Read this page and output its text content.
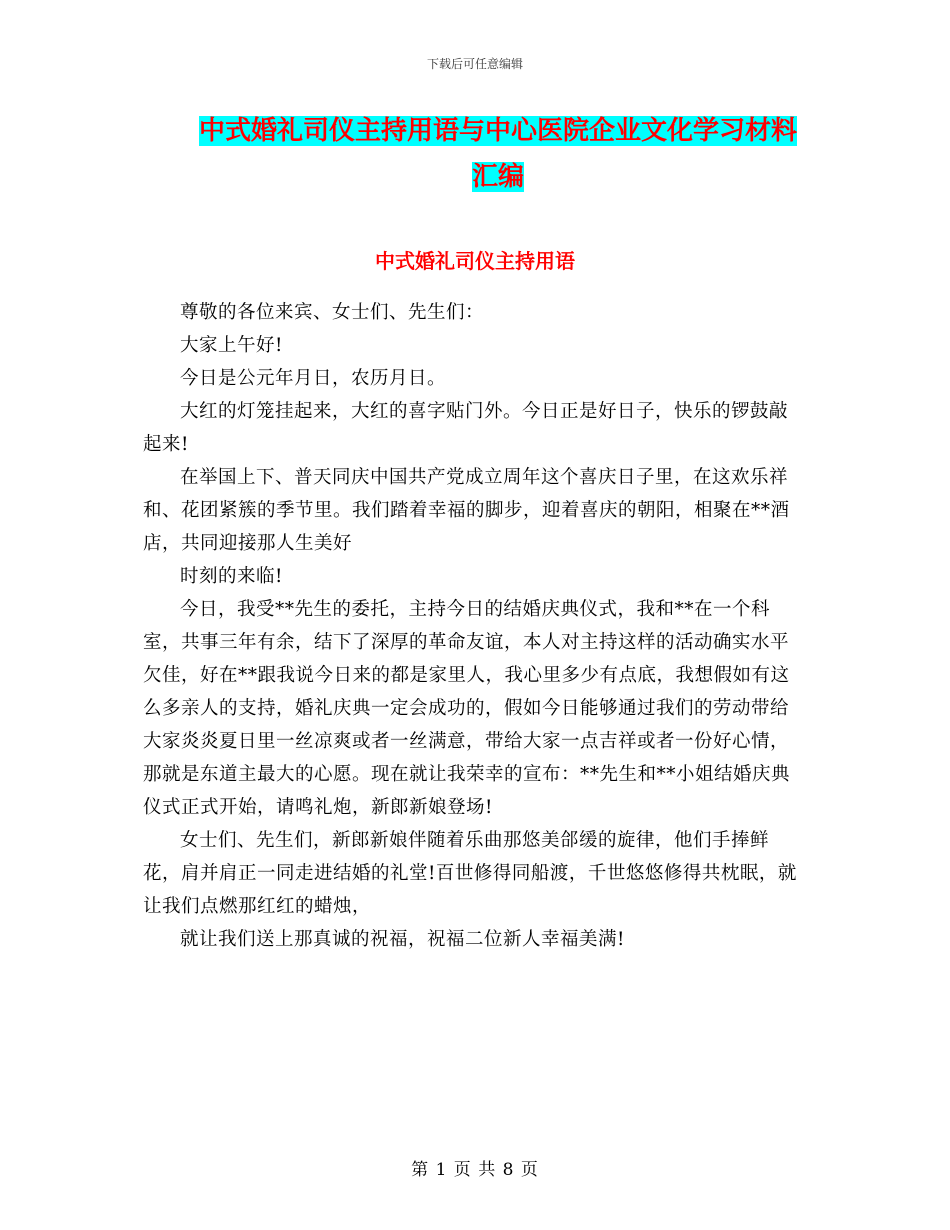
下载后可任意编辑
中式婚礼司仪主持用语与中心医院企业文化学习材料
汇编
中式婚礼司仪主持用语

尊敬的各位来宾、女士们、先生们：

大家上午好!

今日是公元年月日，农历月日。

大红的灯笼挂起来，大红的喜字贴门外。今日正是好日子，快乐的锣鼓敲起来!

在举国上下、普天同庆中国共产党成立周年这个喜庆日子里，在这欢乐祥和、花团紧簇的季节里。我们踏着幸福的脚步，迎着喜庆的朝阳，相聚在**酒店，共同迎接那人生美好

时刻的来临!

今日，我受**先生的委托，主持今日的结婚庆典仪式，我和**在一个科室，共事三年有余，结下了深厚的革命友谊，本人对主持这样的活动确实水平欠佳，好在**跟我说今日来的都是家里人，我心里多少有点底，我想假如有这么多亲人的支持，婚礼庆典一定会成功的，假如今日能够通过我们的劳动带给大家炎炎夏日里一丝凉爽或者一丝满意，带给大家一点吉祥或者一份好心情，那就是东道主最大的心愿。现在就让我荣幸的宣布：**先生和**小姐结婚庆典仪式正式开始，请鸣礼炮，新郎新娘登场!

女士们、先生们，新郎新娘伴随着乐曲那悠美郃缓的旋律，他们手捧鲜花，肩并肩正一同走进结婚的礼堂!百世修得同船渡，千世悠悠修得共枕眠，就让我们点燃那红红的蜡烛，

就让我们送上那真诚的祝福，祝福二位新人幸福美满!

第 1 页 共 8 页
